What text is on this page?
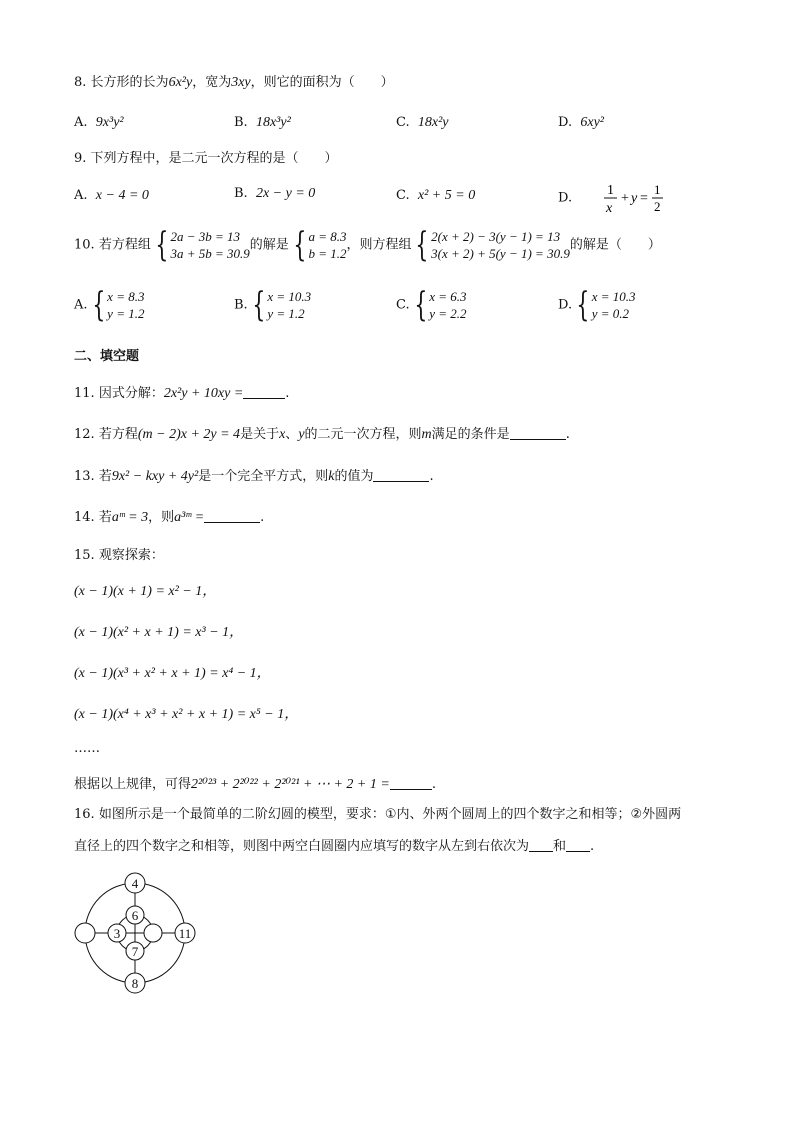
8. 长方形的长为6x²y，宽为3xy，则它的面积为（　　）
A. 9x³y²	B. 18x³y²	C. 18x²y	D. 6xy²
9. 下列方程中，是二元一次方程的是（　　）
A. x − 4 = 0	B. 2x − y = 0	C. x² + 5 = 0	D.	1
x
+ y =
1
2
10. 若方程组 { 2a − 3b = 13
3a + 5b = 30.9
的解是 { a = 8.3
b = 1.2
，则方程组 { 2(x + 2) − 3(y − 1) = 13
3(x + 2) + 5(y − 1) = 30.9
的解是（　　）
A. { x = 8.3
y = 1.2
B. { x = 10.3
y = 1.2
C. { x = 6.3
y = 2.2
D. { x = 10.3
y = 0.2
二、填空题
11. 因式分解：2x²y + 10xy =	.
12. 若方程(m − 2)x + 2y = 4是关于x、y的二元一次方程，则m满足的条件是	.
13. 若9x² − kxy + 4y²是一个完全平方式，则k的值为	.
14. 若aᵐ = 3，则a³ᵐ =	.
15. 观察探索：
(x − 1)(x + 1) = x² − 1，
(x − 1)(x² + x + 1) = x³ − 1，
(x − 1)(x³ + x² + x + 1) = x⁴ − 1，
(x − 1)(x⁴ + x³ + x² + x + 1) = x⁵ − 1，
……
根据以上规律，可得2²⁰²³ + 2²⁰²² + 2²⁰²¹ + ⋯ + 2 + 1 =	.
16. 如图所示是一个最简单的二阶幻圆的模型，要求：①内、外两个圆周上的四个数字之和相等；②外圆两
直径上的四个数字之和相等，则图中两空白圆圈内应填写的数字从左到右依次为 和 .
4
8
11
6
7
3
